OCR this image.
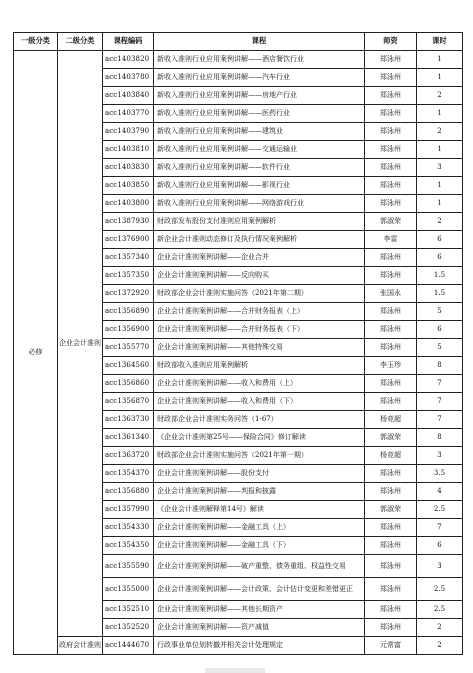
一级分类	二级分类	课程编码	课程	师资	课时
必修	企业会计准则	acc1403820	新收入准则行业应用案例讲解——酒店餐饮行业	郑泳州	1
		acc1403780	新收入准则行业应用案例讲解——汽车行业	郑泳州	1
		acc1403840	新收入准则行业应用案例讲解——房地产行业	郑泳州	2
		acc1403770	新收入准则行业应用案例讲解——医药行业	郑泳州	1
		acc1403790	新收入准则行业应用案例讲解——建筑业	郑泳州	2
		acc1403810	新收入准则行业应用案例讲解——交通运输业	郑泳州	1
		acc1403830	新收入准则行业应用案例讲解——软件行业	郑泳州	3
		acc1403850	新收入准则行业应用案例讲解——影视行业	郑泳州	1
		acc1403800	新收入准则行业应用案例讲解——网络游戏行业	郑泳州	1
		acc1387930	财政部发布股份支付准则应用案例解析	郭淑荣	2
		acc1376900	新企业会计准则动态修订及执行情况案例解析	李雷	6
		acc1357340	企业会计准则案例讲解——企业合并	郑泳州	6
		acc1357350	企业会计准则案例讲解——反向购买	郑泳州	1.5
		acc1372920	财政部企业会计准则实施问答（2021年第二期）	张国永	1.5
		acc1356890	企业会计准则案例讲解——合并财务报表（上）	郑泳州	5
		acc1356900	企业会计准则案例讲解——合并财务报表（下）	郑泳州	6
		acc1355770	企业会计准则案例讲解——其他特殊交易	郑泳州	5
		acc1364560	财政部收入准则应用案例解析	李玉珍	8
		acc1356860	企业会计准则案例讲解——收入和费用（上）	郑泳州	7
		acc1356870	企业会计准则案例讲解——收入和费用（下）	郑泳州	7
		acc1363730	财政部企业会计准则实务问答（1-67）	杨竞超	7
		acc1361340	《企业会计准则第25号——保险合同》修订解读	郭淑荣	8
		acc1363720	财政部企业会计准则实施问答（2021年第一期）	杨竞超	3
		acc1354370	企业会计准则案例讲解——股份支付	郑泳州	3.5
		acc1356880	企业会计准则案例讲解——判报和披露	郑泳州	4
		acc1357990	《企业会计准则解释第14号》解读	郭淑荣	2.5
		acc1354330	企业会计准则案例讲解——金融工具（上）	郑泳州	7
		acc1354350	企业会计准则案例讲解——金融工具（下）	郑泳州	6
		acc1355590	企业会计准则案例讲解——破产重整、债务重组、权益性交易	郑泳州	3
		acc1355000	企业会计准则案例讲解——会计政策、会计估计变更和差错更正	郑泳州	2.5
		acc1352510	企业会计准则案例讲解——其他长期资产	郑泳州	2.5
		acc1352520	企业会计准则案例讲解——资产减值	郑泳州	2
	政府会计准则	acc1444670	行政事业单位划转撤并相关会计处理规定	元常富	2
